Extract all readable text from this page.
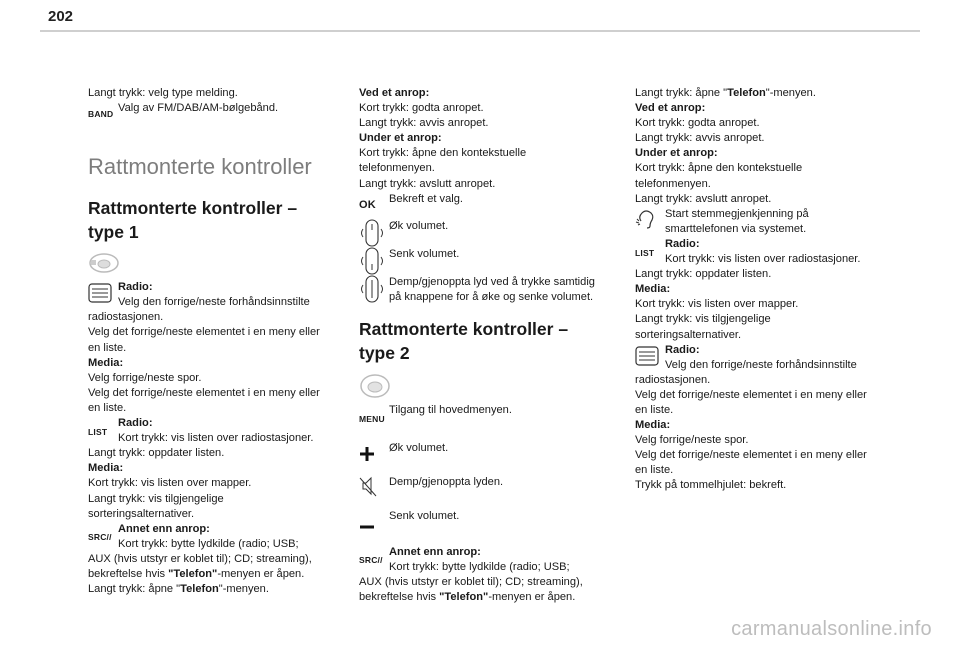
202
Langt trykk: velg type melding.
BAND Valg av FM/DAB/AM-bølgebånd.
Rattmonterte kontroller
Rattmonterte kontroller –
type 1
Radio:
Velg den forrige/neste forhåndsinnstilte
radiostasjonen.
Velg det forrige/neste elementet i en meny eller
en liste.
Media:
Velg forrige/neste spor.
Velg det forrige/neste elementet i en meny eller
en liste.
LIST
Radio:
Kort trykk: vis listen over radiostasjoner.
Langt trykk: oppdater listen.
Media:
Kort trykk: vis listen over mapper.
Langt trykk: vis tilgjengelige
sorteringsalternativer.
SRC //
Annet enn anrop:
Kort trykk: bytte lydkilde (radio; USB;
AUX (hvis utstyr er koblet til); CD; streaming),
bekreftelse hvis "Telefon"-menyen er åpen.
Langt trykk: åpne "Telefon"-menyen.
Ved et anrop:
Kort trykk: godta anropet.
Langt trykk: avvis anropet.
Under et anrop:
Kort trykk: åpne den kontekstuelle
telefonmenyen.
Langt trykk: avslutt anropet.
OK Bekreft et valg.
Øk volumet.
Senk volumet.
Demp/gjenoppta lyd ved å trykke samtidig
på knappene for å øke og senke volumet.
Rattmonterte kontroller –
type 2
MENU
Tilgang til hovedmenyen.
Øk volumet.
Demp/gjenoppta lyden.
Senk volumet.
SRC //
Annet enn anrop:
Kort trykk: bytte lydkilde (radio; USB;
AUX (hvis utstyr er koblet til); CD; streaming),
bekreftelse hvis "Telefon"-menyen er åpen.
Langt trykk: åpne "Telefon"-menyen.
Ved et anrop:
Kort trykk: godta anropet.
Langt trykk: avvis anropet.
Under et anrop:
Kort trykk: åpne den kontekstuelle
telefonmenyen.
Langt trykk: avslutt anropet.
Start stemmegjenkjenning på
smarttelefonen via systemet.
LIST
Radio:
Kort trykk: vis listen over radiostasjoner.
Langt trykk: oppdater listen.
Media:
Kort trykk: vis listen over mapper.
Langt trykk: vis tilgjengelige
sorteringsalternativer.
Radio:
Velg den forrige/neste forhåndsinnstilte
radiostasjonen.
Velg det forrige/neste elementet i en meny eller
en liste.
Media:
Velg forrige/neste spor.
Velg det forrige/neste elementet i en meny eller
en liste.
Trykk på tommelhjulet: bekreft.
carmanualsonline.info
